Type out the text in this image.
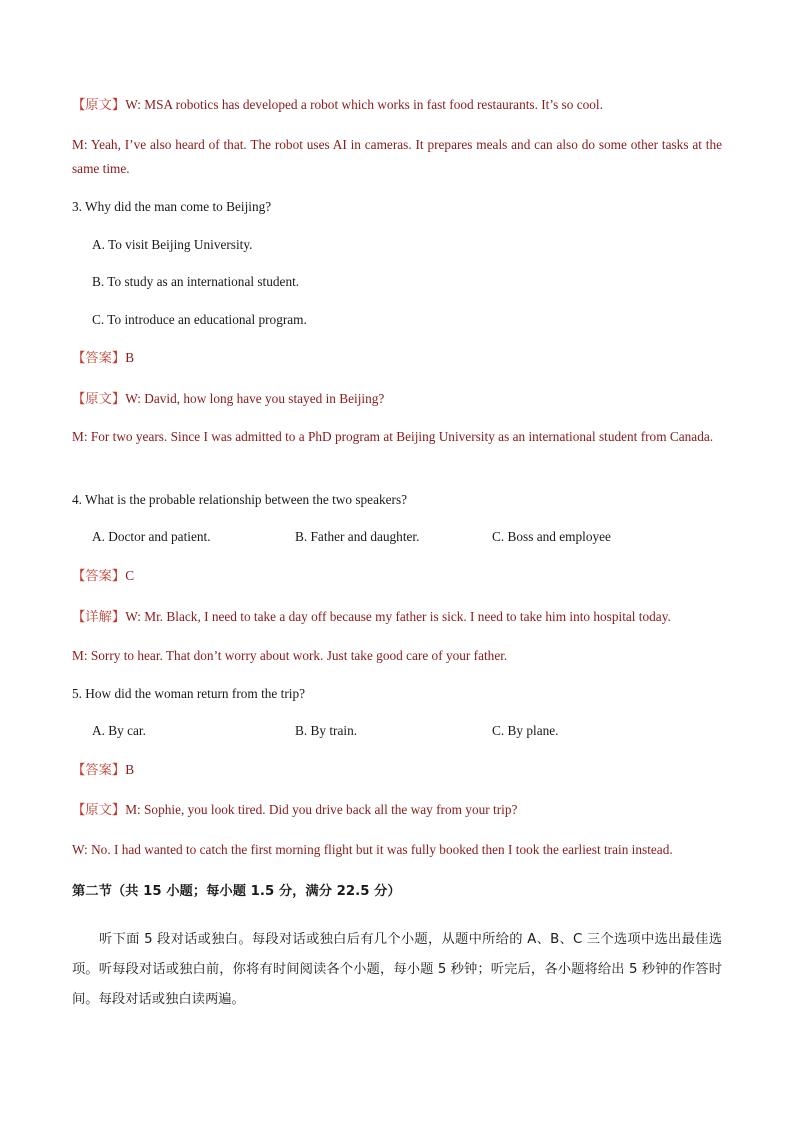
【原文】W: MSA robotics has developed a robot which works in fast food restaurants. It’s so cool.
M: Yeah, I’ve also heard of that. The robot uses AI in cameras. It prepares meals and can also do some other tasks at the same time.
3. Why did the man come to Beijing?
A. To visit Beijing University.
B. To study as an international student.
C. To introduce an educational program.
【答案】B
【原文】W: David, how long have you stayed in Beijing?
M: For two years. Since I was admitted to a PhD program at Beijing University as an international student from Canada.
4. What is the probable relationship between the two speakers?
A. Doctor and patient.	B. Father and daughter.	C. Boss and employee
【答案】C
【详解】W: Mr. Black, I need to take a day off because my father is sick. I need to take him into hospital today.
M: Sorry to hear. That don’t worry about work. Just take good care of your father.
5. How did the woman return from the trip?
A. By car.	B. By train.	C. By plane.
【答案】B
【原文】M: Sophie, you look tired. Did you drive back all the way from your trip?
W: No. I had wanted to catch the first morning flight but it was fully booked then I took the earliest train instead.
第二节（共 15 小题；每小题 1.5 分，满分 22.5 分）
听下面 5 段对话或独白。每段对话或独白后有几个小题，从题中所给的 A、B、C 三个选项中选出最佳选项。听每段对话或独白前，你将有时间阅读各个小题，每小题 5 秒钟；听完后，各小题将给出 5 秒钟的作答时间。每段对话或独白读两遍。
